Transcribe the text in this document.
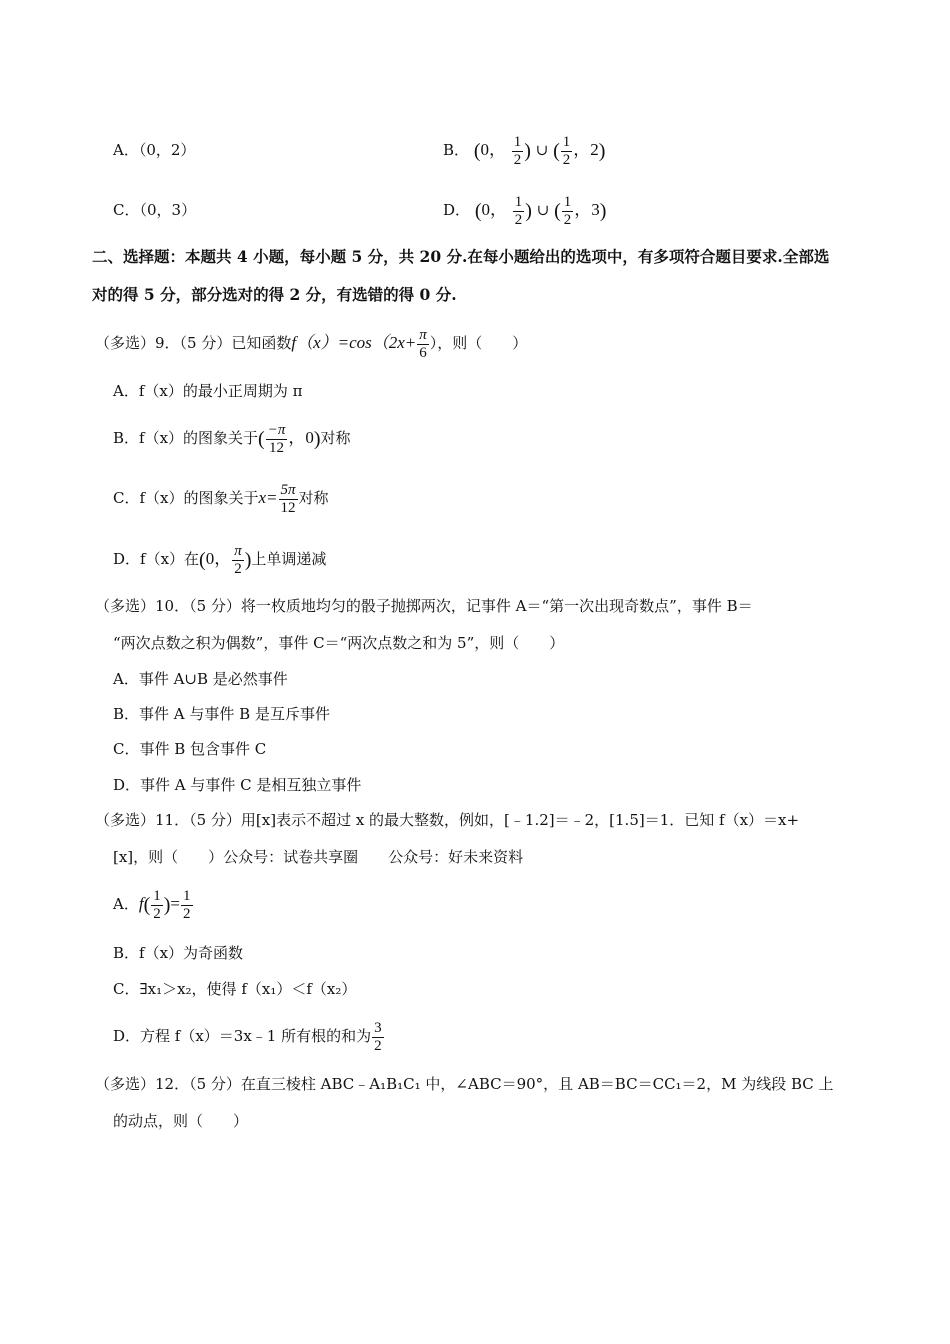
A．（0，2）	B． (0， $\frac{1}{2}$ ) ∪ ( $\frac{1}{2}$ ，2)
C．（0，3）	D． (0， $\frac{1}{2}$ ) ∪ ( $\frac{1}{2}$ ，3)
二、选择题：本题共 4 小题，每小题 5 分，共 20 分.在每小题给出的选项中，有多项符合题目要求.全部选
对的得 5 分，部分选对的得 2 分，有选错的得 0 分.
（多选）9．（5 分）已知函数$f(x)=\cos(2x+ \frac{\pi}{6}$ ），则（　　）
A．f（x）的最小正周期为 π
B．f（x）的图象关于( $\frac{-\pi}{12}$ ，0)对称
C．f（x）的图象关于$x= \frac{5\pi}{12}$ 对称
D．f（x）在(0， $\frac{\pi}{2}$ )上单调递减
（多选）10．（5 分）将一枚质地均匀的骰子抛掷两次，记事件 A＝“第一次出现奇数点”，事件 B＝
“两次点数之积为偶数”，事件 C＝“两次点数之和为 5”，则（　　）
A．事件 A∪B 是必然事件
B．事件 A 与事件 B 是互斥事件
C．事件 B 包含事件 C
D．事件 A 与事件 C 是相互独立事件
（多选）11．（5 分）用[x]表示不超过 x 的最大整数，例如，[﹣1.2]＝﹣2，[1.5]＝1．已知 f（x）＝x+
[x]，则（　　）公众号：试卷共享圈　　公众号：好未来资料
A．$f( \frac{1}{2}$ )= $\frac{1}{2}$
B．f（x）为奇函数
C．∃x₁＞x₂，使得 f（x₁）＜f（x₂）
D．方程 f（x）＝3x﹣1 所有根的和为 $\frac{3}{2}$
（多选）12．（5 分）在直三棱柱 ABC﹣A₁B₁C₁ 中，∠ABC＝90°，且 AB＝BC＝CC₁＝2，M 为线段 BC 上
的动点，则（　　）
